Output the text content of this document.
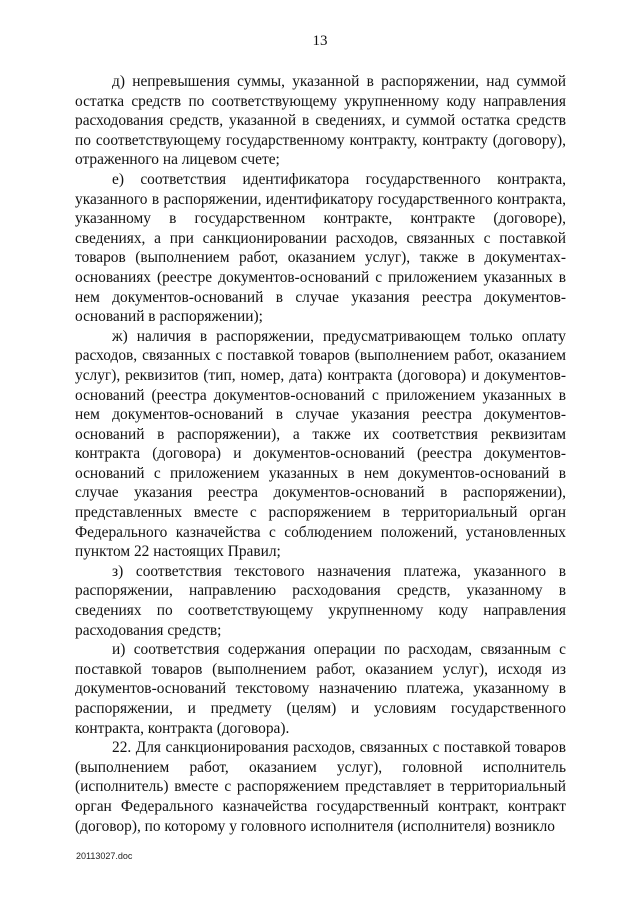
13

д) непревышения суммы, указанной в распоряжении, над суммой остатка средств по соответствующему укрупненному коду направления расходования средств, указанной в сведениях, и суммой остатка средств по соответствующему государственному контракту, контракту (договору), отраженного на лицевом счете;

е) соответствия идентификатора государственного контракта, указанного в распоряжении, идентификатору государственного контракта, указанному в государственном контракте, контракте (договоре), сведениях, а при санкционировании расходов, связанных с поставкой товаров (выполнением работ, оказанием услуг), также в документах-основаниях (реестре документов-оснований с приложением указанных в нем документов-оснований в случае указания реестра документов-оснований в распоряжении);

ж) наличия в распоряжении, предусматривающем только оплату расходов, связанных с поставкой товаров (выполнением работ, оказанием услуг), реквизитов (тип, номер, дата) контракта (договора) и документов-оснований (реестра документов-оснований с приложением указанных в нем документов-оснований в случае указания реестра документов-оснований в распоряжении), а также их соответствия реквизитам контракта (договора) и документов-оснований (реестра документов-оснований с приложением указанных в нем документов-оснований в случае указания реестра документов-оснований в распоряжении), представленных вместе с распоряжением в территориальный орган Федерального казначейства с соблюдением положений, установленных пунктом 22 настоящих Правил;

з) соответствия текстового назначения платежа, указанного в распоряжении, направлению расходования средств, указанному в сведениях по соответствующему укрупненному коду направления расходования средств;

и) соответствия содержания операции по расходам, связанным с поставкой товаров (выполнением работ, оказанием услуг), исходя из документов-оснований текстовому назначению платежа, указанному в распоряжении, и предмету (целям) и условиям государственного контракта, контракта (договора).

22. Для санкционирования расходов, связанных с поставкой товаров (выполнением работ, оказанием услуг), головной исполнитель (исполнитель) вместе с распоряжением представляет в территориальный орган Федерального казначейства государственный контракт, контракт (договор), по которому у головного исполнителя (исполнителя) возникло

20113027.doc
